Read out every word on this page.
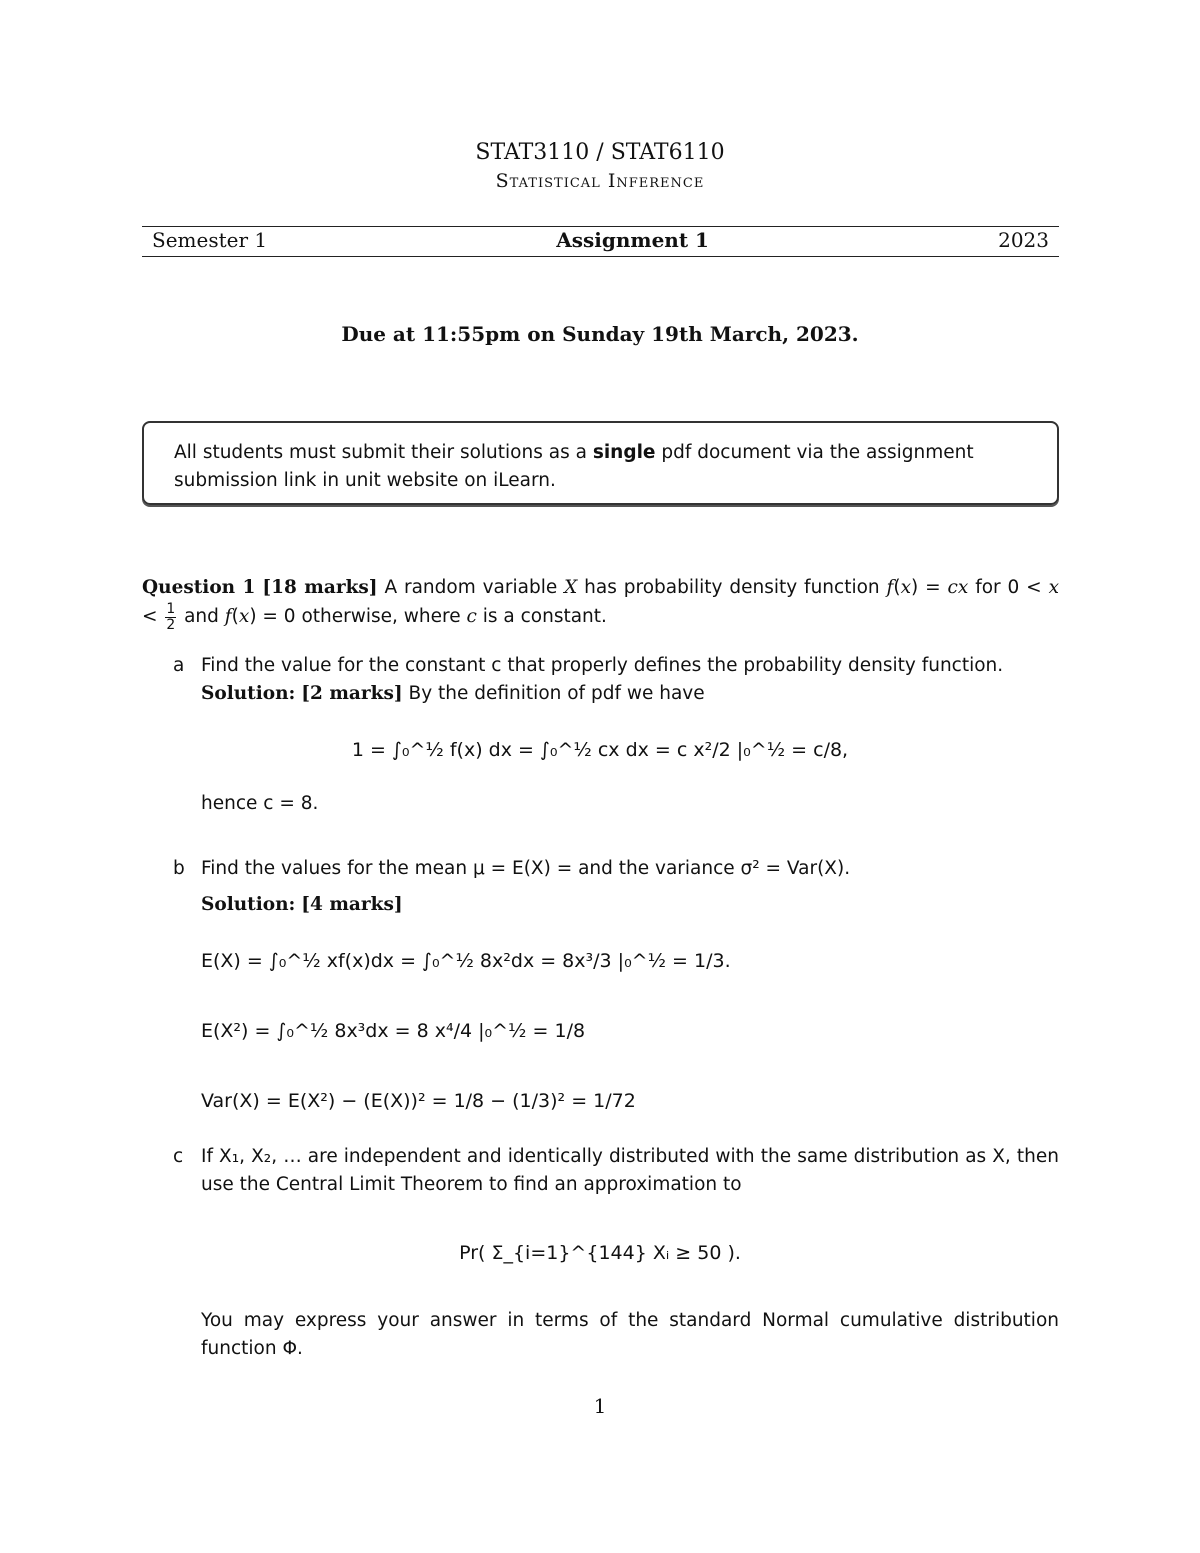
STAT3110 / STAT6110
Statistical Inference
Semester 1	Assignment 1	2023
Due at 11:55pm on Sunday 19th March, 2023.
All students must submit their solutions as a single pdf document via the assignment submission link in unit website on iLearn.
Question 1 [18 marks] A random variable X has probability density function f(x) = cx for $0 < x < \frac{1}{2}$ and f(x) = 0 otherwise, where c is a constant.
a Find the value for the constant c that properly defines the probability density function.
Solution: [2 marks] By the definition of pdf we have
1 = ∫₀^½ f(x) dx = ∫₀^½ cx dx = c x²/2 |₀^½ = c/8,
hence c = 8.
b Find the values for the mean μ = E(X) = and the variance σ² = Var(X).
Solution: [4 marks]
E(X) = ∫₀^½ xf(x)dx = ∫₀^½ 8x²dx = 8x³/3 |₀^½ = 1/3.
E(X²) = ∫₀^½ 8x³dx = 8 x⁴/4 |₀^½ = 1/8
Var(X) = E(X²) − (E(X))² = 1/8 − (1/3)² = 1/72
c If X₁, X₂, … are independent and identically distributed with the same distribution as X, then use the Central Limit Theorem to find an approximation to
Pr( Σ_{i=1}^{144} Xᵢ ≥ 50 ).
You may express your answer in terms of the standard Normal cumulative distribution function Φ.
1
